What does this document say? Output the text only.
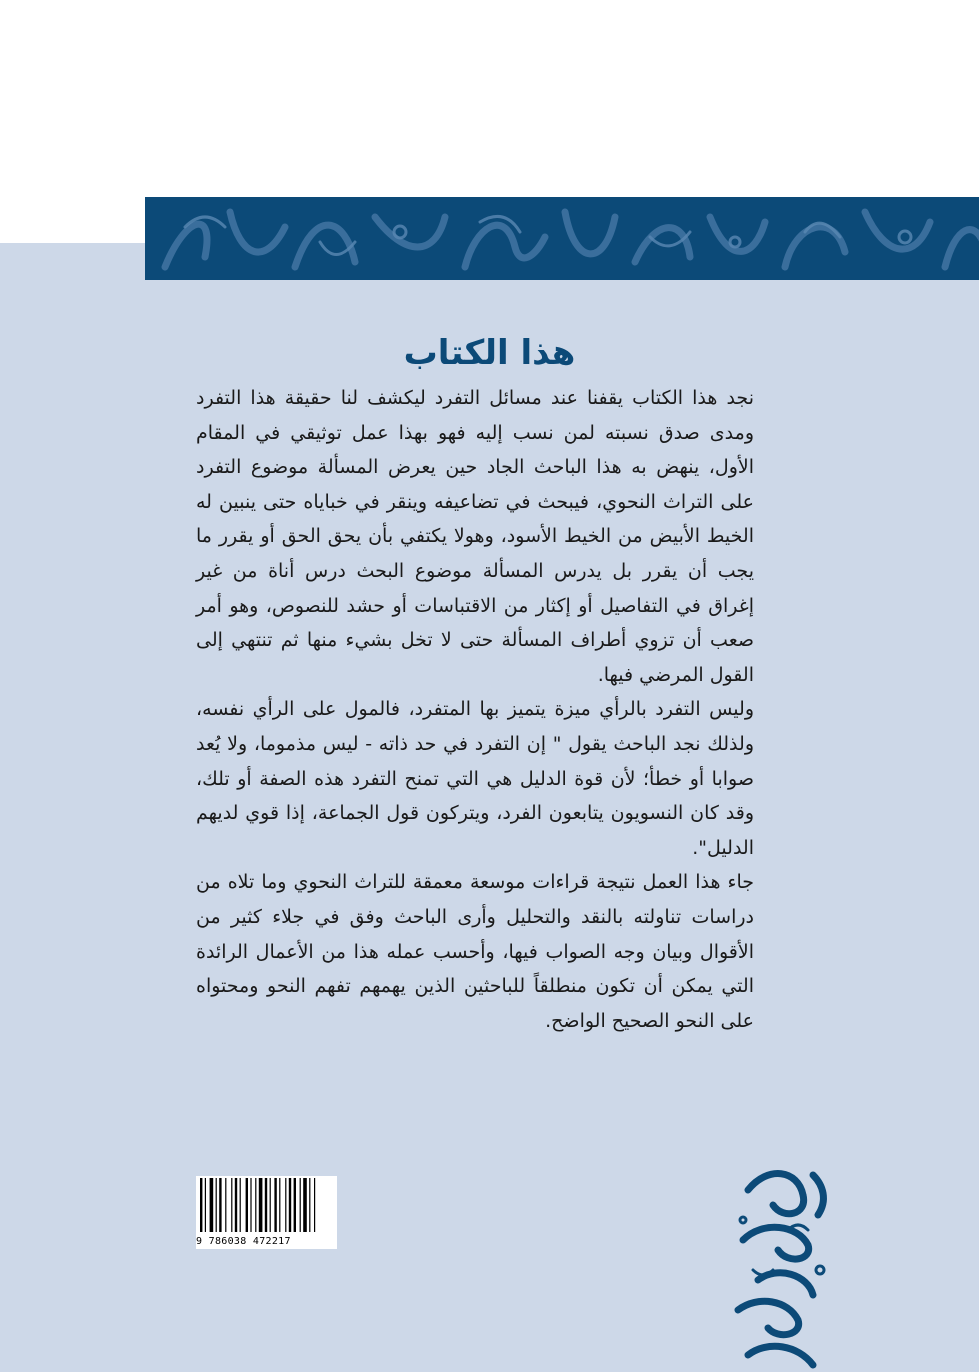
هذا الكتاب

نجد هذا الكتاب يقفنا عند مسائل التفرد ليكشف لنا حقيقة هذا التفرد ومدى صدق نسبته لمن نسب إليه فهو بهذا عمل توثيقي في المقام الأول، ينهض به هذا الباحث الجاد حين يعرض المسألة موضوع التفرد على التراث النحوي، فيبحث في تضاعيفه وينقر في خباياه حتى ينبين له الخيط الأبيض من الخيط الأسود، وهولا يكتفي بأن يحق الحق أو يقرر ما يجب أن يقرر بل يدرس المسألة موضوع البحث درس أناة من غير إغراق في التفاصيل أو إكثار من الاقتباسات أو حشد للنصوص، وهو أمر صعب أن تزوي أطراف المسألة حتى لا تخل بشيء منها ثم تنتهي إلى القول المرضي فيها.

وليس التفرد بالرأي ميزة يتميز بها المتفرد، فالمول على الرأي نفسه، ولذلك نجد الباحث يقول " إن التفرد في حد ذاته - ليس مذموما، ولا يُعد صوابا أو خطأ؛ لأن قوة الدليل هي التي تمنح التفرد هذه الصفة أو تلك، وقد كان النسويون يتابعون الفرد، ويتركون قول الجماعة، إذا قوي لديهم الدليل".

جاء هذا العمل نتيجة قراءات موسعة معمقة للتراث النحوي وما تلاه من دراسات تناولته بالنقد والتحليل وأرى الباحث وفق في جلاء كثير من الأقوال وبيان وجه الصواب فيها، وأحسب عمله هذا من الأعمال الرائدة التي يمكن أن تكون منطلقاً للباحثين الذين يهمهم تفهم النحو ومحتواه على النحو الصحيح الواضح.

9 786038 472217
